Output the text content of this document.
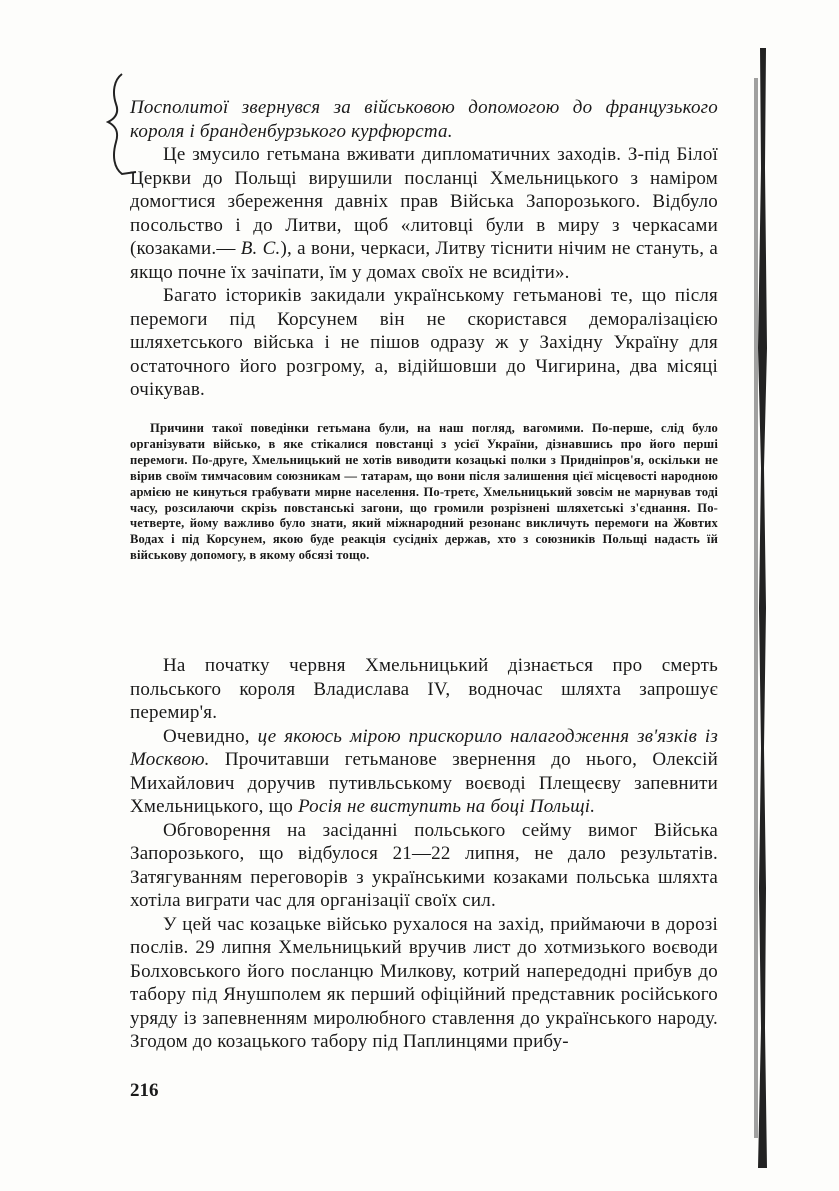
Посполитої звернувся за військовою допомогою до французького короля і бранденбурзького курфюрста.

Це змусило гетьмана вживати дипломатичних заходів. З-під Білої Церкви до Польщі вирушили посланці Хмельницького з наміром домогтися збереження давніх прав Війська Запорозького. Відбуло посольство і до Литви, щоб «литовці були в миру з черкасами (козаками.— В. С.), а вони, черкаси, Литву тіснити нічим не стануть, а якщо почне їх зачіпати, їм у домах своїх не всидіти».

Багато істориків закидали українському гетьманові те, що після перемоги під Корсунем він не скористався деморалізацією шляхетського війська і не пішов одразу ж у Західну Україну для остаточного його розгрому, а, відійшовши до Чигирина, два місяці очікував.

Причини такої поведінки гетьмана були, на наш погляд, вагомими. По-перше, слід було організувати військо, в яке стікалися повстанці з усієї України, дізнавшись про його перші перемоги. По-друге, Хмельницький не хотів виводити козацькі полки з Придніпров'я, оскільки не вірив своїм тимчасовим союзникам — татарам, що вони після залишення цієї місцевості народною армією не кинуться грабувати мирне населення. По-третє, Хмельницький зовсім не марнував тоді часу, розсилаючи скрізь повстанські загони, що громили розрізнені шляхетські з'єднання. По-четверте, йому важливо було знати, який міжнародний резонанс викличуть перемоги на Жовтих Водах і під Корсунем, якою буде реакція сусідніх держав, хто з союзників Польщі надасть їй військову допомогу, в якому обсязі тощо.

На початку червня Хмельницький дізнається про смерть польського короля Владислава IV, водночас шляхта запрошує перемир'я.

Очевидно, це якоюсь мірою прискорило налагодження зв'язків із Москвою. Прочитавши гетьманове звернення до нього, Олексій Михайлович доручив путивльському воєводі Плещеєву запевнити Хмельницького, що Росія не виступить на боці Польщі.

Обговорення на засіданні польського сейму вимог Війська Запорозького, що відбулося 21—22 липня, не дало результатів. Затягуванням переговорів з українськими козаками польська шляхта хотіла виграти час для організації своїх сил.

У цей час козацьке військо рухалося на захід, приймаючи в дорозі послів. 29 липня Хмельницький вручив лист до хотмизького воєводи Болховського його посланцю Милкову, котрий напередодні прибув до табору під Янушполем як перший офіційний представник російського уряду із запевненням миролюбного ставлення до українського народу. Згодом до козацького табору під Паплинцями прибу-

216
